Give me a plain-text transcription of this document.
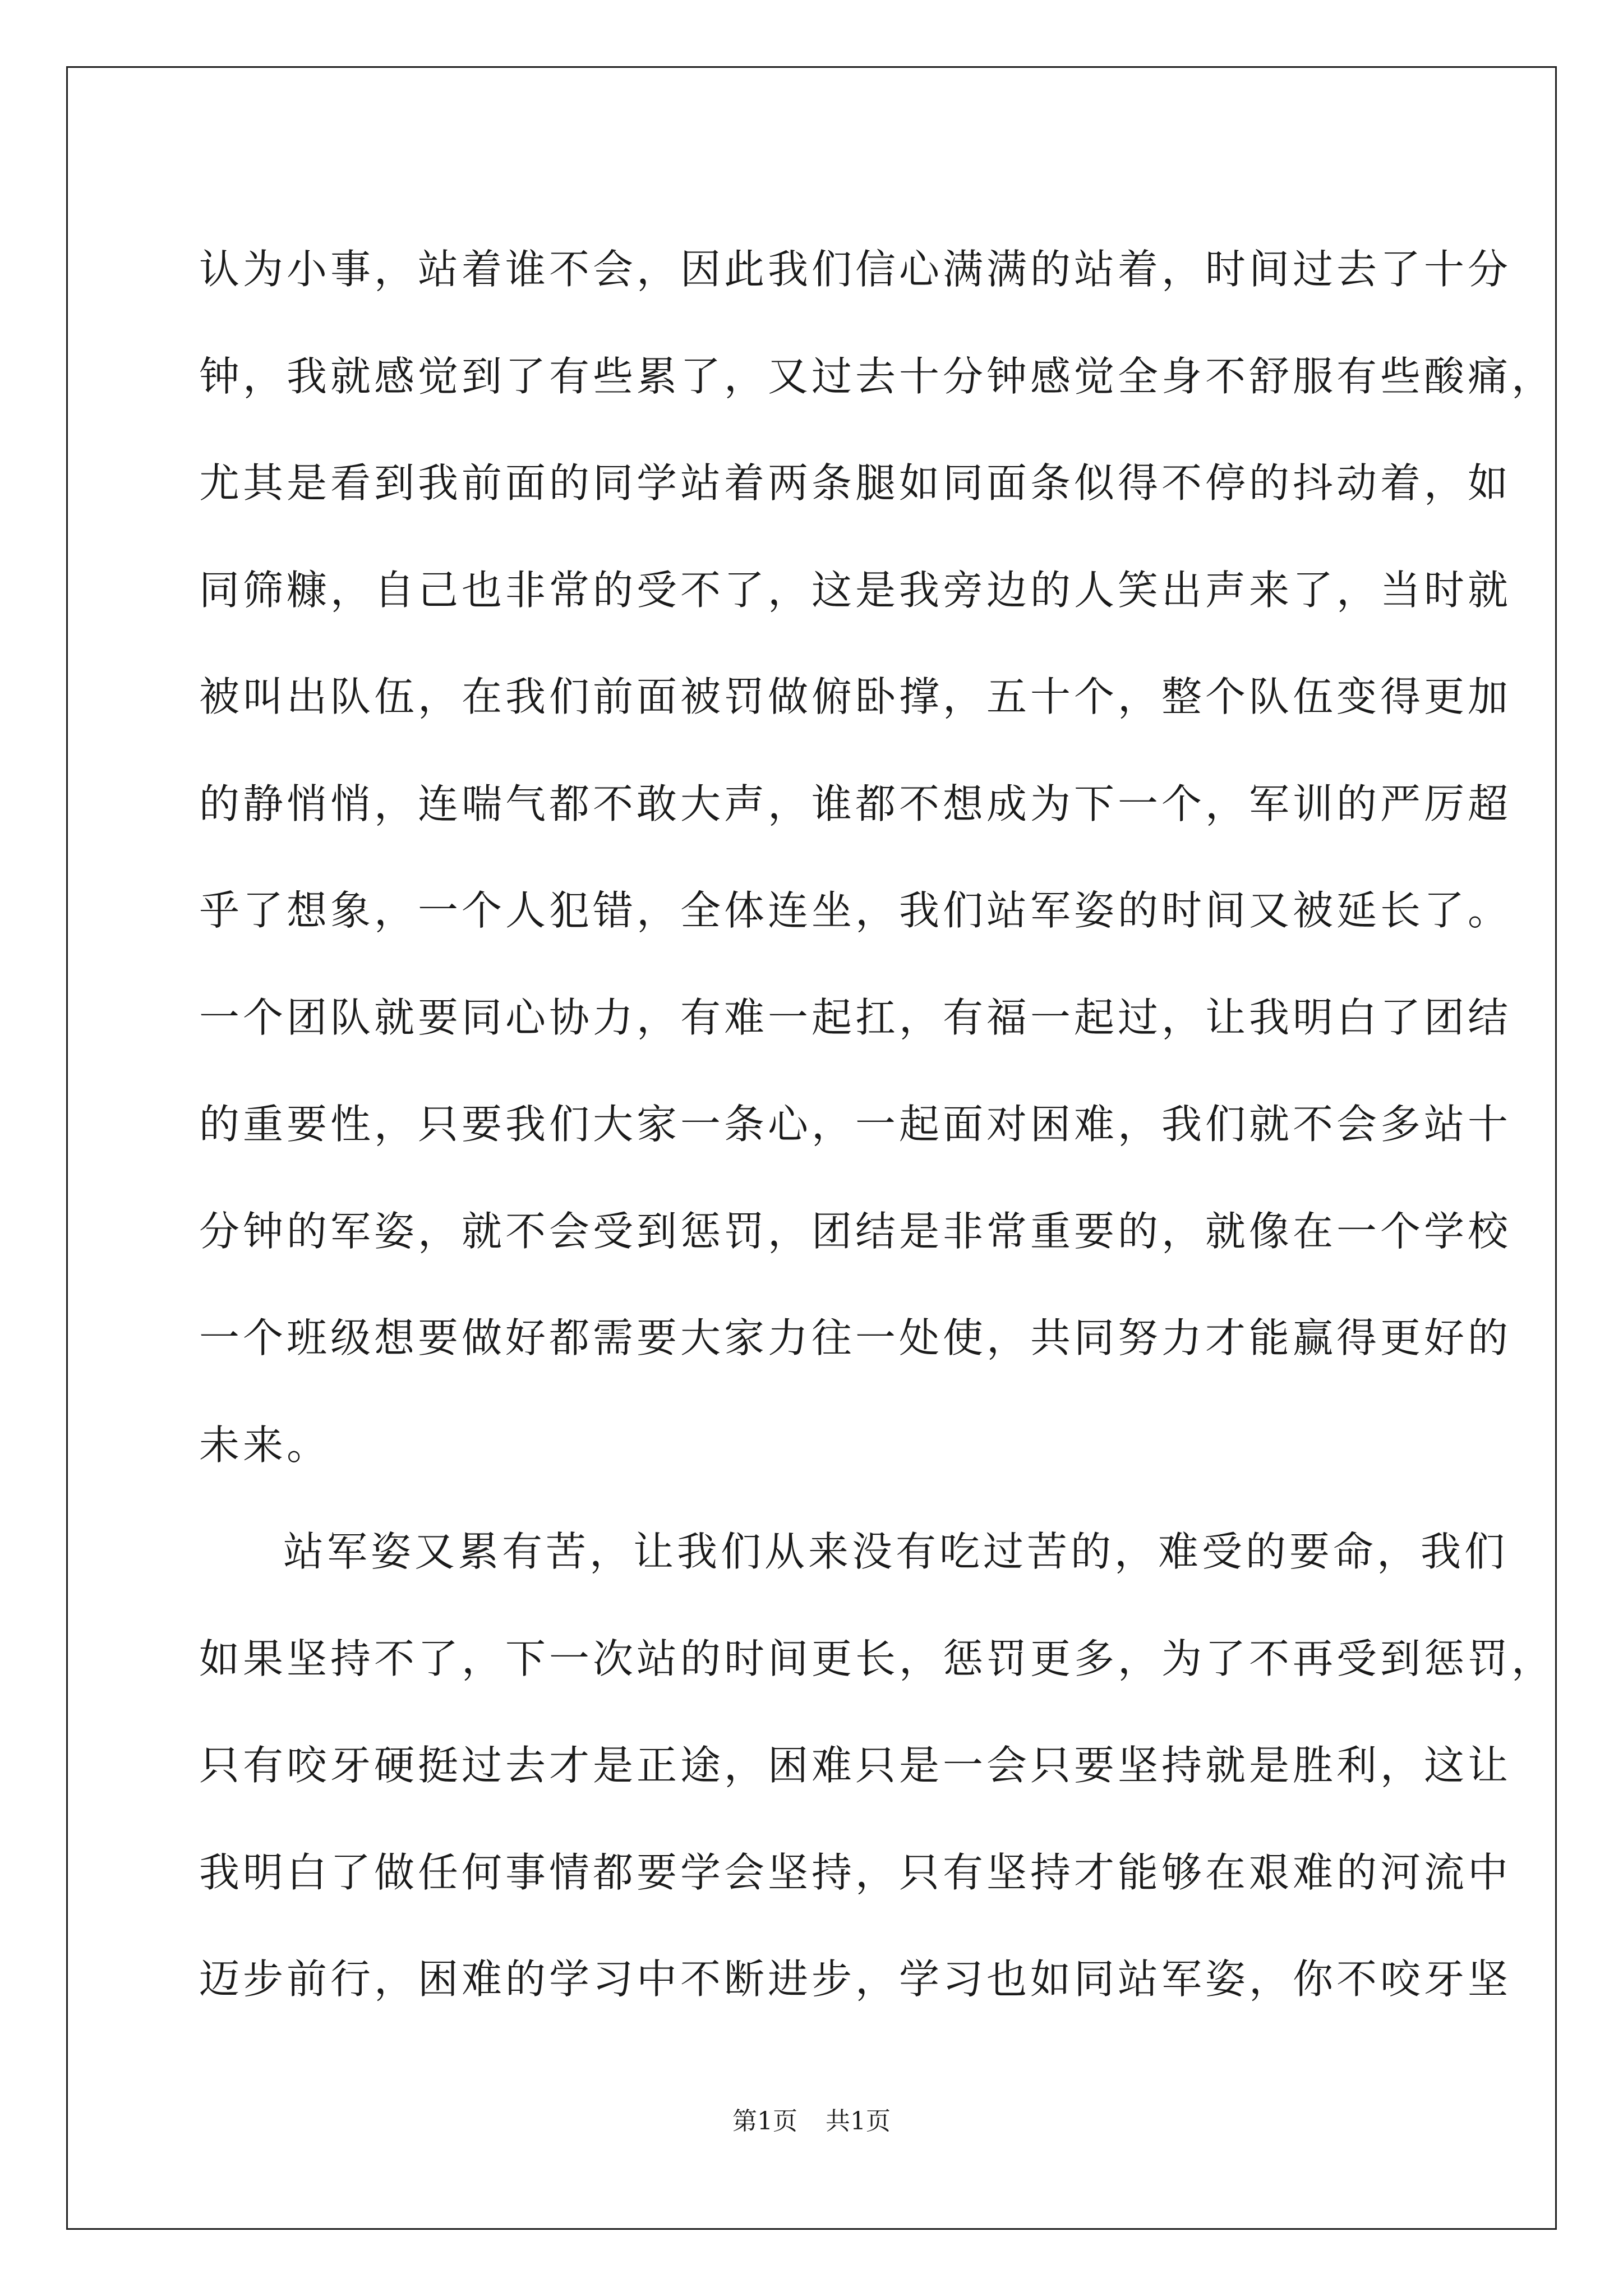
认为小事，站着谁不会，因此我们信心满满的站着，时间过去了十分
钟，我就感觉到了有些累了，又过去十分钟感觉全身不舒服有些酸痛，
尤其是看到我前面的同学站着两条腿如同面条似得不停的抖动着，如
同筛糠，自己也非常的受不了，这是我旁边的人笑出声来了，当时就
被叫出队伍，在我们前面被罚做俯卧撑，五十个，整个队伍变得更加
的静悄悄，连喘气都不敢大声，谁都不想成为下一个，军训的严厉超
乎了想象，一个人犯错，全体连坐，我们站军姿的时间又被延长了。
一个团队就要同心协力，有难一起扛，有福一起过，让我明白了团结
的重要性，只要我们大家一条心，一起面对困难，我们就不会多站十
分钟的军姿，就不会受到惩罚，团结是非常重要的，就像在一个学校
一个班级想要做好都需要大家力往一处使，共同努力才能赢得更好的
未来。
站军姿又累有苦，让我们从来没有吃过苦的，难受的要命，我们
如果坚持不了，下一次站的时间更长，惩罚更多，为了不再受到惩罚，
只有咬牙硬挺过去才是正途，困难只是一会只要坚持就是胜利，这让
我明白了做任何事情都要学会坚持，只有坚持才能够在艰难的河流中
迈步前行，困难的学习中不断进步，学习也如同站军姿，你不咬牙坚
第1页 共1页
